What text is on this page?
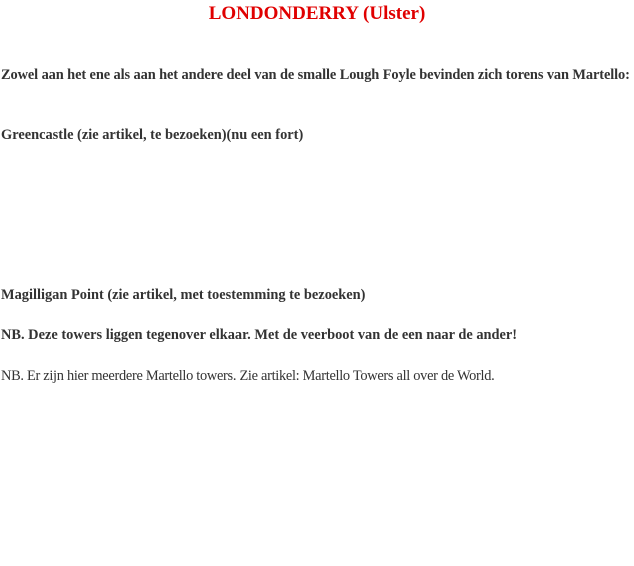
LONDONDERRY (Ulster)

Zowel aan het ene als aan het andere deel van de smalle Lough Foyle bevinden zich torens van Martello:

Greencastle (zie artikel, te bezoeken)(nu een fort)

Magilligan Point (zie artikel, met toestemming te bezoeken)

NB. Deze towers liggen tegenover elkaar. Met de veerboot van de een naar de ander!

NB. Er zijn hier meerdere Martello towers. Zie artikel: Martello Towers all over de World.
